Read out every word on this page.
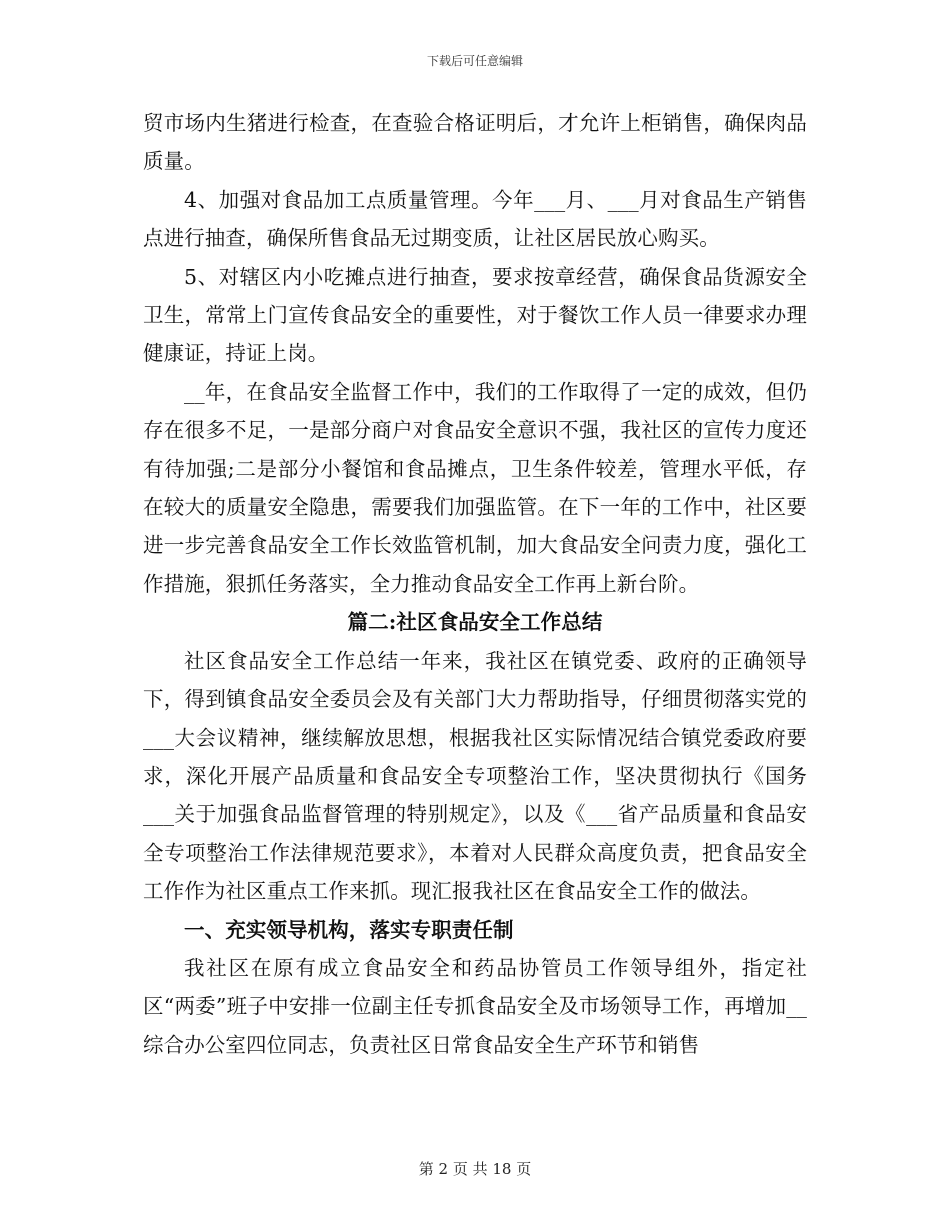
下载后可任意编辑

贸市场内生猪进行检查，在查验合格证明后，才允许上柜销售，确保肉品质量。

4、加强对食品加工点质量管理。今年___月、___月对食品生产销售点进行抽查，确保所售食品无过期变质，让社区居民放心购买。

5、对辖区内小吃摊点进行抽查，要求按章经营，确保食品货源安全卫生，常常上门宣传食品安全的重要性，对于餐饮工作人员一律要求办理健康证，持证上岗。

__年，在食品安全监督工作中，我们的工作取得了一定的成效，但仍存在很多不足，一是部分商户对食品安全意识不强，我社区的宣传力度还有待加强;二是部分小餐馆和食品摊点，卫生条件较差，管理水平低，存在较大的质量安全隐患，需要我们加强监管。在下一年的工作中，社区要进一步完善食品安全工作长效监管机制，加大食品安全问责力度，强化工作措施，狠抓任务落实，全力推动食品安全工作再上新台阶。

篇二:社区食品安全工作总结

社区食品安全工作总结一年来，我社区在镇党委、政府的正确领导下，得到镇食品安全委员会及有关部门大力帮助指导，仔细贯彻落实党的___大会议精神，继续解放思想，根据我社区实际情况结合镇党委政府要求，深化开展产品质量和食品安全专项整治工作，坚决贯彻执行《国务___关于加强食品监督管理的特别规定》，以及《___省产品质量和食品安全专项整治工作法律规范要求》，本着对人民群众高度负责，把食品安全工作作为社区重点工作来抓。现汇报我社区在食品安全工作的做法。

一、充实领导机构，落实专职责任制

我社区在原有成立食品安全和药品协管员工作领导组外，指定社区“两委”班子中安排一位副主任专抓食品安全及市场领导工作，再增加__综合办公室四位同志，负责社区日常食品安全生产环节和销售

第 2 页 共 18 页
